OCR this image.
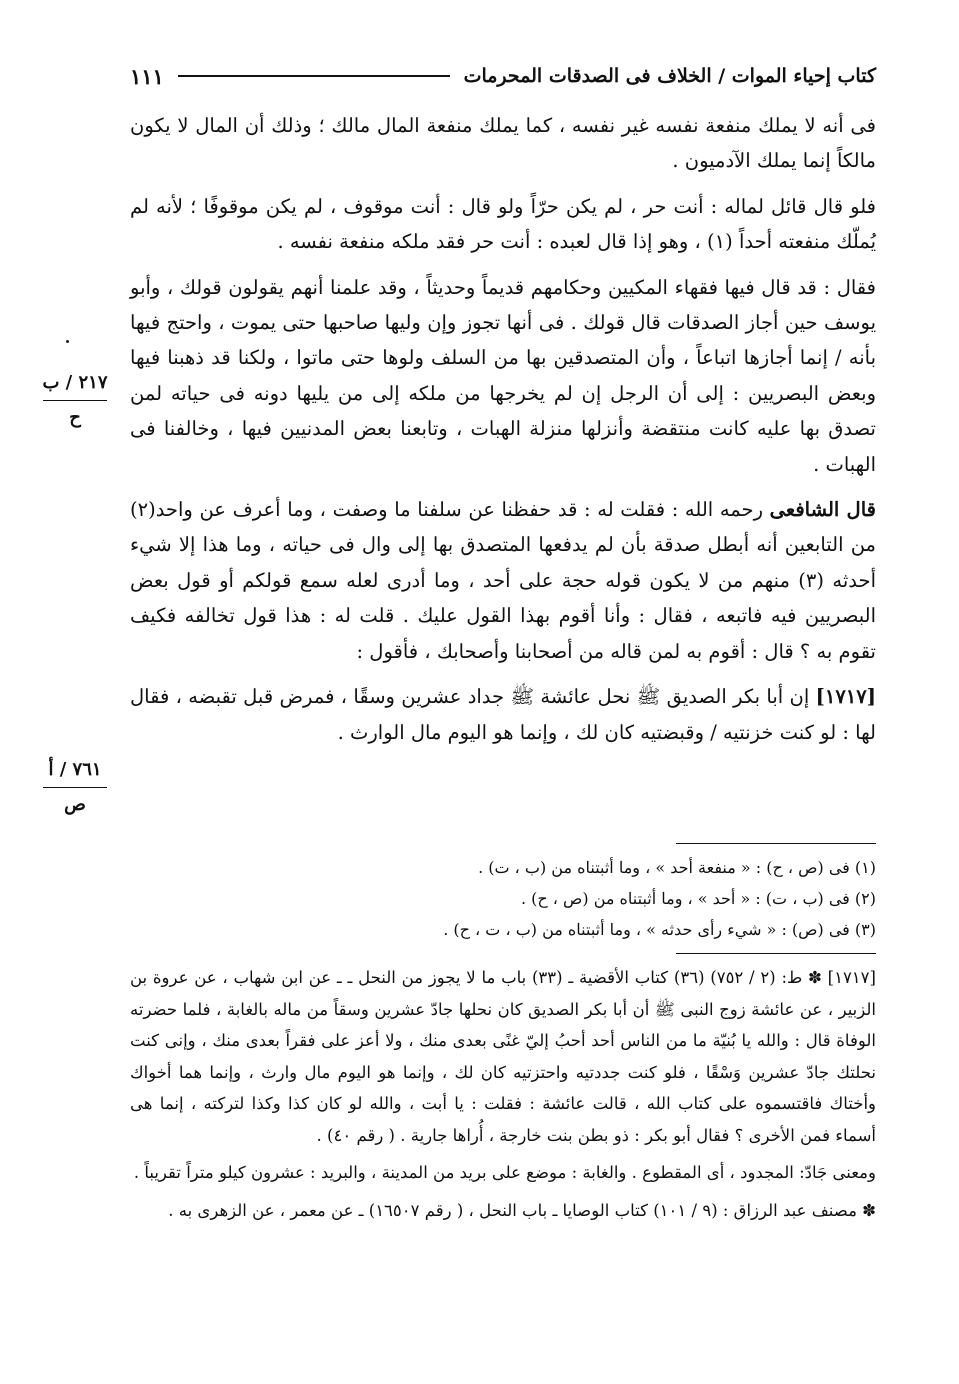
كتاب إحياء الموات / الخلاف فى الصدقات المحرمات
١١١
٢١٧ / ب
ح
٧٦١ / أ
ص

فى أنه لا يملك منفعة نفسه غير نفسه ، كما يملك منفعة المال مالك ؛ وذلك أن المال لا يكون مالكاً إنما يملك الآدميون .

فلو قال قائل لماله : أنت حر ، لم يكن حرّاً ولو قال : أنت موقوف ، لم يكن موقوفًا ؛ لأنه لم يُملّك منفعته أحداً (١) ، وهو إذا قال لعبده : أنت حر فقد ملكه منفعة نفسه .

فقال : قد قال فيها فقهاء المكيين وحكامهم قديماً وحديثاً ، وقد علمنا أنهم يقولون قولك ، وأبو يوسف حين أجاز الصدقات قال قولك . فى أنها تجوز وإن وليها صاحبها حتى يموت ، واحتج فيها بأنه / إنما أجازها اتباعاً ، وأن المتصدقين بها من السلف ولوها حتى ماتوا ، ولكنا قد ذهبنا فيها وبعض البصريين : إلى أن الرجل إن لم يخرجها من ملكه إلى من يليها دونه فى حياته لمن تصدق بها عليه كانت منتقضة وأنزلها منزلة الهبات ، وتابعنا بعض المدنيين فيها ، وخالفنا فى الهبات .

قال الشافعى رحمه الله : فقلت له : قد حفظنا عن سلفنا ما وصفت ، وما أعرف عن واحد(٢) من التابعين أنه أبطل صدقة بأن لم يدفعها المتصدق بها إلى وال فى حياته ، وما هذا إلا شيء أحدثه (٣) منهم من لا يكون قوله حجة على أحد ، وما أدرى لعله سمع قولكم أو قول بعض البصريين فيه فاتبعه ، فقال : وأنا أقوم بهذا القول عليك . قلت له : هذا قول تخالفه فكيف تقوم به ؟ قال : أقوم به لمن قاله من أصحابنا وأصحابك ، فأقول :

[١٧١٧] إن أبا بكر الصديق ﷺ نحل عائشة ﷺ جداد عشرين وسقًا ، فمرض قبل تقبضه ، فقال لها : لو كنت خزنتيه / وقبضتيه كان لك ، وإنما هو اليوم مال الوارث .

(١) فى (ص ، ح) : « منفعة أحد » ، وما أثبتناه من (ب ، ت) .
(٢) فى (ب ، ت) : « أحد » ، وما أثبتناه من (ص ، ح) .
(٣) فى (ص) : « شيء رأى حدثه » ، وما أثبتناه من (ب ، ت ، ح) .

[١٧١٧] ✽ ط: (٢ / ٧٥٢) (٣٦) كتاب الأقضية ـ (٣٣) باب ما لا يجوز من النحل ـ ـ عن ابن شهاب ، عن عروة بن الزبير ، عن عائشة زوج النبى ﷺ أن أبا بكر الصديق كان نحلها جادّ عشرين وسقاً من ماله بالغابة ، فلما حضرته الوفاة قال : والله يا بُنيّة ما من الناس أحد أحبُ إليّ غنًى بعدى منك ، ولا أعز على فقراً بعدى منك ، وإنى كنت نحلتك جادّ عشرين وَسْقًا ، فلو كنت جددتيه واحتزتيه كان لك ، وإنما هو اليوم مال وارث ، وإنما هما أخواك وأختاك فاقتسموه على كتاب الله ، قالت عائشة : فقلت : يا أبت ، والله لو كان كذا وكذا لتركته ، إنما هى أسماء فمن الأخرى ؟ فقال أبو بكر : ذو بطن بنت خارجة ، أُراها جارية . ( رقم ٤٠) .

ومعنى جَادّ: المجدود ، أى المقطوع . والغابة : موضع على بريد من المدينة ، والبريد : عشرون كيلو متراً تقريباً .

✽ مصنف عبد الرزاق : (٩ / ١٠١) كتاب الوصايا ـ باب النحل ، ( رقم ١٦٥٠٧) ـ عن معمر ، عن الزهرى به .
